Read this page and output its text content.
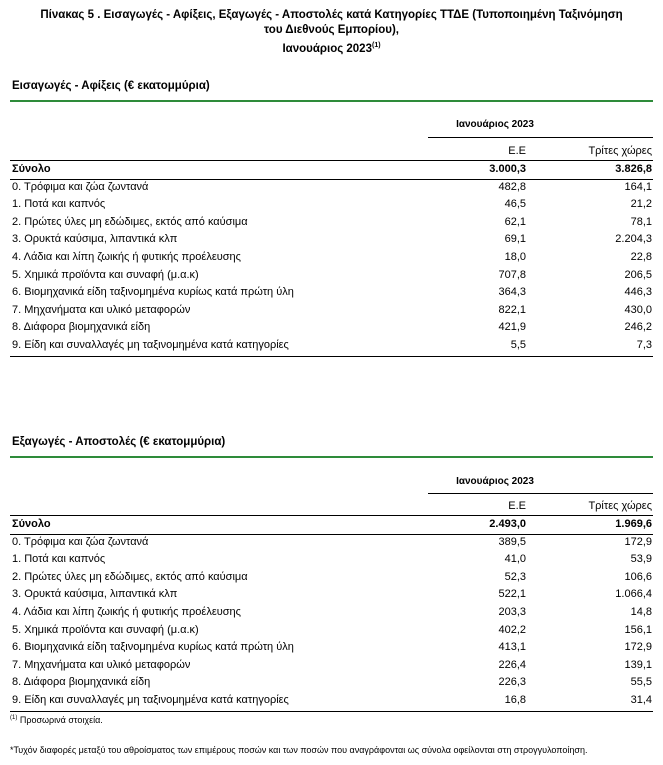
Πίνακας 5 . Εισαγωγές - Αφίξεις, Εξαγωγές - Αποστολές κατά Κατηγορίες ΤΤΔΕ (Τυποποιημένη Ταξινόμηση
του Διεθνούς Εμπορίου),
Ιανουάριος 2023$^{(1)}$
Εισαγωγές - Αφίξεις (€ εκατομμύρια)
Ιανουάριος 2023
Ε.Ε	Τρίτες χώρες
Σύνολο	3.000,3	3.826,8
0. Τρόφιμα και ζώα ζωντανά	482,8	164,1
1. Ποτά και καπνός	46,5	21,2
2. Πρώτες ύλες μη εδώδιμες, εκτός από καύσιμα	62,1	78,1
3. Ορυκτά καύσιμα, λιπαντικά κλπ	69,1	2.204,3
4. Λάδια και λίπη ζωικής ή φυτικής προέλευσης	18,0	22,8
5. Χημικά προϊόντα και συναφή (μ.α.κ)	707,8	206,5
6. Βιομηχανικά είδη ταξινομημένα κυρίως κατά πρώτη ύλη	364,3	446,3
7. Μηχανήματα και υλικό μεταφορών	822,1	430,0
8. Διάφορα βιομηχανικά είδη	421,9	246,2
9. Είδη και συναλλαγές μη ταξινομημένα κατά κατηγορίες	5,5	7,3
Εξαγωγές - Αποστολές (€ εκατομμύρια)
Ιανουάριος 2023
Ε.Ε	Τρίτες χώρες
Σύνολο	2.493,0	1.969,6
0. Τρόφιμα και ζώα ζωντανά	389,5	172,9
1. Ποτά και καπνός	41,0	53,9
2. Πρώτες ύλες μη εδώδιμες, εκτός από καύσιμα	52,3	106,6
3. Ορυκτά καύσιμα, λιπαντικά κλπ	522,1	1.066,4
4. Λάδια και λίπη ζωικής ή φυτικής προέλευσης	203,3	14,8
5. Χημικά προϊόντα και συναφή (μ.α.κ)	402,2	156,1
6. Βιομηχανικά είδη ταξινομημένα κυρίως κατά πρώτη ύλη	413,1	172,9
7. Μηχανήματα και υλικό μεταφορών	226,4	139,1
8. Διάφορα βιομηχανικά είδη	226,3	55,5
9. Είδη και συναλλαγές μη ταξινομημένα κατά κατηγορίες	16,8	31,4
$^{(1)}$ Προσωρινά στοιχεία.
*Τυχόν διαφορές μεταξύ του αθροίσματος των επιμέρους ποσών και των ποσών που αναγράφονται ως σύνολα οφείλονται στη στρογγυλοποίηση.
